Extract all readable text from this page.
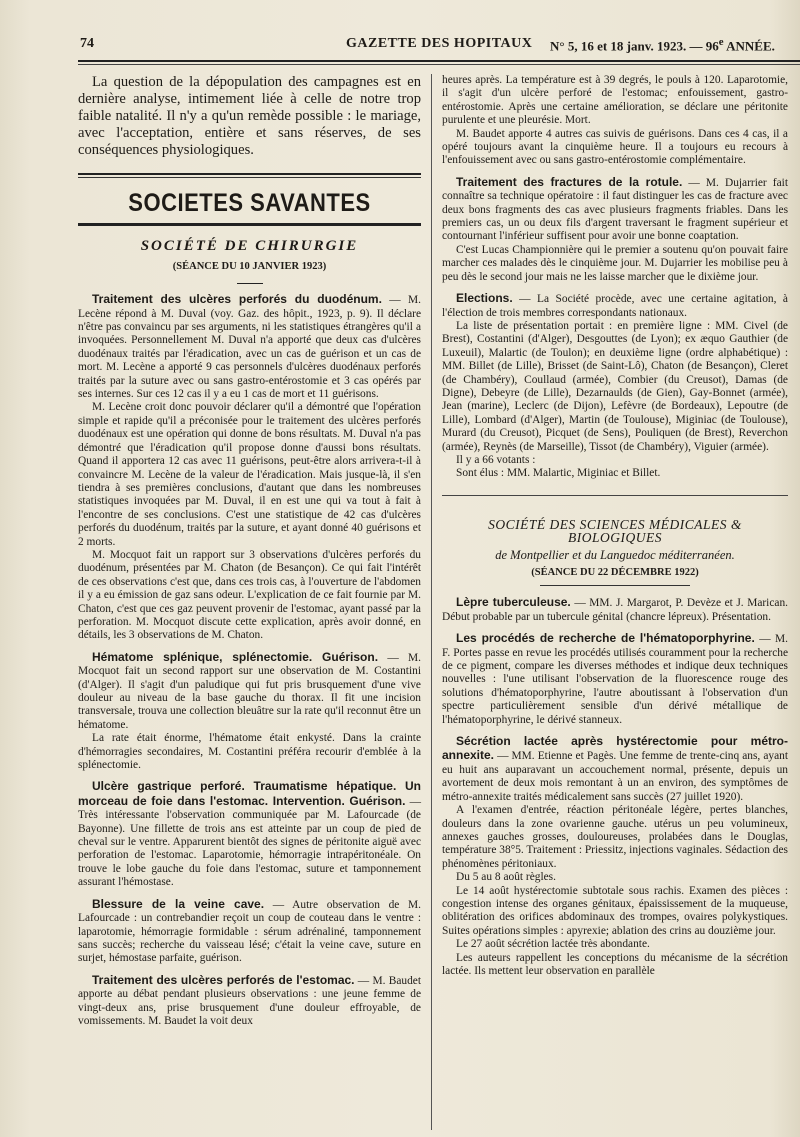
74	GAZETTE DES HOPITAUX N° 5, 16 et 18 janv. 1923. — 96e ANNÉE.

La question de la dépopulation des campagnes est en dernière analyse, intimement liée à celle de notre trop faible natalité. Il n'y a qu'un remède possible : le mariage, avec l'acceptation, entière et sans réserves, de ses conséquences physiologiques.

SOCIETES SAVANTES
SOCIÉTÉ DE CHIRURGIE
(SÉANCE DU 10 JANVIER 1923)

Traitement des ulcères perforés du duodénum. — M. Lecène répond à M. Duval (voy. Gaz. des hôpit., 1923, p. 9). Il déclare n'être pas convaincu par ses arguments, ni les statistiques étrangères qu'il a invoquées. Personnellement M. Duval n'a apporté que deux cas d'ulcères duodénaux traités par l'éradication, avec un cas de guérison et un cas de mort. M. Lecène a apporté 9 cas personnels d'ulcères duodénaux perforés traités par la suture avec ou sans gastro-entérostomie et 3 cas opérés par ses internes. Sur ces 12 cas il y a eu 1 cas de mort et 11 guérisons.

M. Lecène croit donc pouvoir déclarer qu'il a démontré que l'opération simple et rapide qu'il a préconisée pour le traitement des ulcères perforés duodénaux est une opération qui donne de bons résultats. M. Duval n'a pas démontré que l'éradication qu'il propose donne d'aussi bons résultats. Quand il apportera 12 cas avec 11 guérisons, peut-être alors arrivera-t-il à convaincre M. Lecène de la valeur de l'éradication. Mais jusque-là, il s'en tiendra à ses premières conclusions, d'autant que dans les nombreuses statistiques invoquées par M. Duval, il en est une qui va tout à fait à l'encontre de ses conclusions. C'est une statistique de 42 cas d'ulcères perforés du duodénum, traités par la suture, et ayant donné 40 guérisons et 2 morts.

M. Mocquot fait un rapport sur 3 observations d'ulcères perforés du duodénum, présentées par M. Chaton (de Besançon). Ce qui fait l'intérêt de ces observations c'est que, dans ces trois cas, à l'ouverture de l'abdomen il y a eu émission de gaz sans odeur. L'explication de ce fait fournie par M. Chaton, c'est que ces gaz peuvent provenir de l'estomac, ayant passé par la perforation. M. Mocquot discute cette explication, après avoir donné, en détails, les 3 observations de M. Chaton.

Hématome splénique, splénectomie. Guérison. — M. Mocquot fait un second rapport sur une observation de M. Costantini (d'Alger). Il s'agit d'un paludique qui fut pris brusquement d'une vive douleur au niveau de la base gauche du thorax. Il fit une incision transversale, trouva une collection bleuâtre sur la rate qu'il reconnut être un hématome.

La rate était énorme, l'hématome était enkysté. Dans la crainte d'hémorragies secondaires, M. Costantini préféra recourir d'emblée à la splénectomie.

Ulcère gastrique perforé. Traumatisme hépatique. Un morceau de foie dans l'estomac. Intervention. Guérison. — Très intéressante l'observation communiquée par M. Lafourcade (de Bayonne). Une fillette de trois ans est atteinte par un coup de pied de cheval sur le ventre. Apparurent bientôt des signes de péritonite aiguë avec perforation de l'estomac. Laparotomie, hémorragie intrapéritonéale. On trouve le lobe gauche du foie dans l'estomac, suture et tamponnement assurant l'hémostase.

Blessure de la veine cave. — Autre observation de M. Lafourcade : un contrebandier reçoit un coup de couteau dans le ventre : laparotomie, hémorragie formidable : sérum adrénaliné, tamponnement sans succès; recherche du vaisseau lésé; c'était la veine cave, suture en surjet, hémostase parfaite, guérison.

Traitement des ulcères perforés de l'estomac. — M. Baudet apporte au débat pendant plusieurs observations : une jeune femme de vingt-deux ans, prise brusquement d'une douleur effroyable, de vomissements. M. Baudet la voit deux

heures après. La température est à 39 degrés, le pouls à 120. Laparotomie, il s'agit d'un ulcère perforé de l'estomac; enfouissement, gastro-entérostomie. Après une certaine amélioration, se déclare une péritonite purulente et une pleurésie. Mort.

M. Baudet apporte 4 autres cas suivis de guérisons. Dans ces 4 cas, il a opéré toujours avant la cinquième heure. Il a toujours eu recours à l'enfouissement avec ou sans gastro-entérostomie complémentaire.

Traitement des fractures de la rotule. — M. Dujarrier fait connaître sa technique opératoire : il faut distinguer les cas de fracture avec deux bons fragments des cas avec plusieurs fragments friables. Dans les premiers cas, un ou deux fils d'argent traversant le fragment supérieur et contournant l'inférieur suffisent pour avoir une bonne coaptation.

C'est Lucas Championnière qui le premier a soutenu qu'on pouvait faire marcher ces malades dès le cinquième jour. M. Dujarrier les mobilise peu à peu dès le second jour mais ne les laisse marcher que le dixième jour.

Elections. — La Société procède, avec une certaine agitation, à l'élection de trois membres correspondants nationaux.

La liste de présentation portait : en première ligne : MM. Civel (de Brest), Costantini (d'Alger), Desgouttes (de Lyon); ex æquo Gauthier (de Luxeuil), Malartic (de Toulon); en deuxième ligne (ordre alphabétique) : MM. Billet (de Lille), Brisset (de Saint-Lô), Chaton (de Besançon), Cleret (de Chambéry), Coullaud (armée), Combier (du Creusot), Damas (de Digne), Debeyre (de Lille), Dezarnaulds (de Gien), Gay-Bonnet (armée), Jean (marine), Leclerc (de Dijon), Lefèvre (de Bordeaux), Lepoutre (de Lille), Lombard (d'Alger), Martin (de Toulouse), Miginiac (de Toulouse), Murard (du Creusot), Picquet (de Sens), Pouliquen (de Brest), Reverchon (armée), Reynès (de Marseille), Tissot (de Chambéry), Viguier (armée).

Il y a 66 votants :

Sont élus : MM. Malartic, Miginiac et Billet.

SOCIÉTÉ DES SCIENCES MÉDICALES & BIOLOGIQUES
de Montpellier et du Languedoc méditerranéen.
(SÉANCE DU 22 DÉCEMBRE 1922)

Lèpre tuberculeuse. — MM. J. Margarot, P. Devèze et J. Marican. Début probable par un tubercule génital (chancre lépreux). Présentation.

Les procédés de recherche de l'hématoporphyrine. — M. F. Portes passe en revue les procédés utilisés couramment pour la recherche de ce pigment, compare les diverses méthodes et indique deux techniques nouvelles : l'une utilisant l'observation de la fluorescence rouge des solutions d'hématoporphyrine, l'autre aboutissant à l'observation d'un spectre particulièrement sensible d'un dérivé métallique de l'hématoporphyrine, le dérivé stanneux.

Sécrétion lactée après hystérectomie pour métro-annexite. — MM. Etienne et Pagès. Une femme de trente-cinq ans, ayant eu huit ans auparavant un accouchement normal, présente, depuis un avortement de deux mois remontant à un an environ, des symptômes de métro-annexite traités médicalement sans succès (27 juillet 1920).

A l'examen d'entrée, réaction péritonéale légère, pertes blanches, douleurs dans la zone ovarienne gauche. utérus un peu volumineux, annexes gauches grosses, douloureuses, prolabées dans le Douglas, température 38°5. Traitement : Priessitz, injections vaginales. Sédaction des phénomènes péritoniaux.

Du 5 au 8 août règles.

Le 14 août hystérectomie subtotale sous rachis. Examen des pièces : congestion intense des organes génitaux, épaississement de la muqueuse, oblitération des orifices abdominaux des trompes, ovaires polykystiques. Suites opérations simples : apyrexie; ablation des crins au douzième jour.

Le 27 août sécrétion lactée très abondante.

Les auteurs rappellent les conceptions du mécanisme de la sécrétion lactée. Ils mettent leur observation en parallèle
